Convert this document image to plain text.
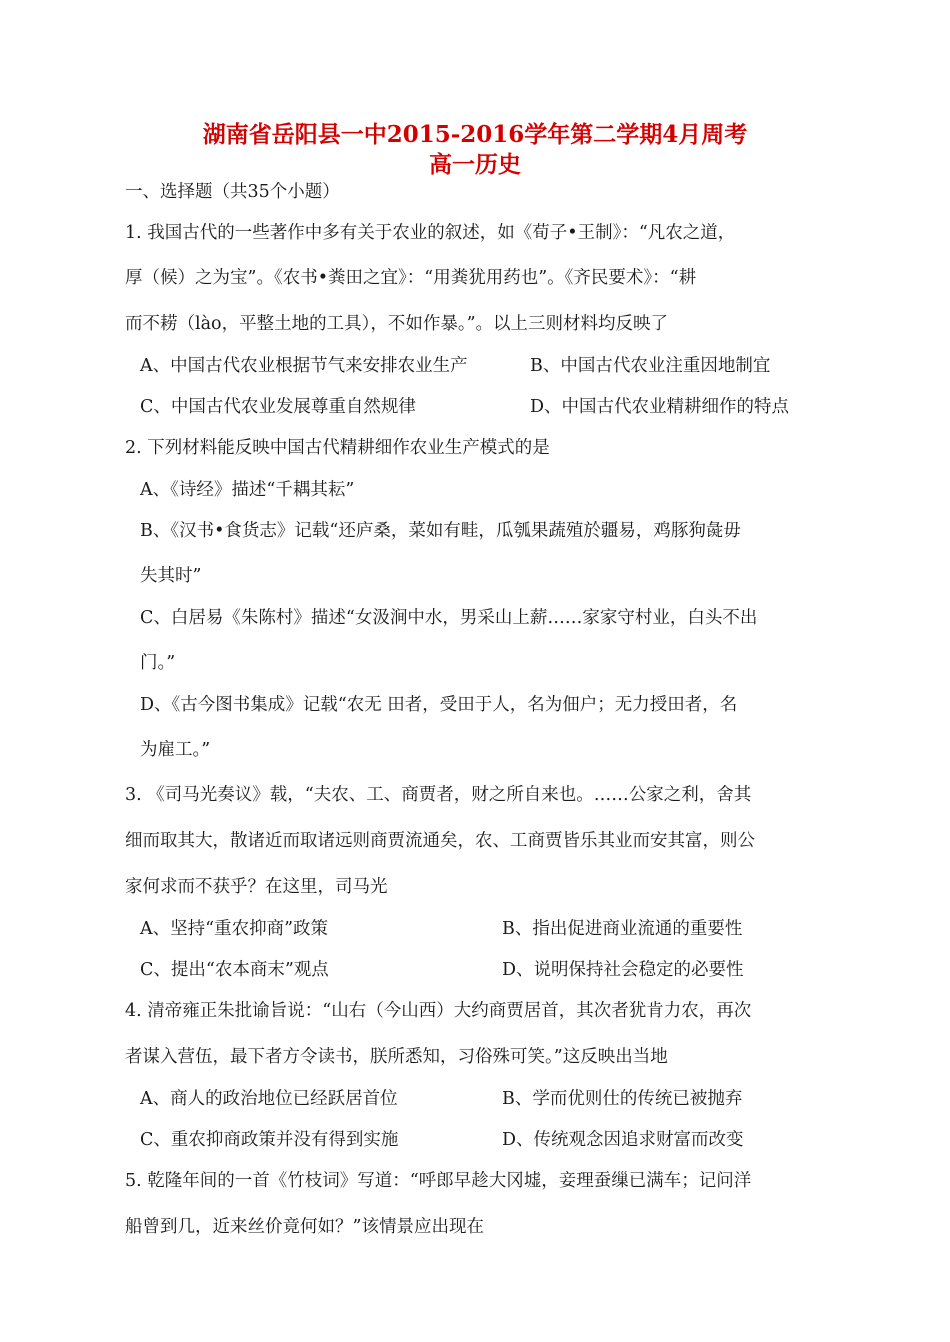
湖南省岳阳县一中2015-2016学年第二学期4月周考
高一历史
一、选择题（共35个小题）
1. 我国古代的一些著作中多有关于农业的叙述，如《荀子•王制》：“凡农之道，
厚（候）之为宝”。《农书•粪田之宜》：“用粪犹用药也”。《齐民要术》：“耕
而不耢（lào，平整土地的工具），不如作暴。”。以上三则材料均反映了
A、中国古代农业根据节气来安排农业生产	B、中国古代农业注重因地制宜
C、中国古代农业发展尊重自然规律	D、中国古代农业精耕细作的特点
2. 下列材料能反映中国古代精耕细作农业生产模式的是
A、《诗经》描述“千耦其耘”
B、《汉书•食货志》记载“还庐桑，菜如有畦，瓜瓠果蔬殖於疆易，鸡豚狗彘毋
失其时”
C、白居易《朱陈村》描述“女汲涧中水，男采山上薪……家家守村业，白头不出
门。”
D、《古今图书集成》记载“农无 田者，受田于人，名为佃户；无力授田者，名
为雇工。”
3. 《司马光奏议》载，“夫农、工、商贾者，财之所自来也。……公家之利，舍其
细而取其大，散诸近而取诸远则商贾流通矣，农、工商贾皆乐其业而安其富，则公
家何求而不获乎？在这里，司马光
A、坚持“重农抑商”政策	B、指出促进商业流通的重要性
C、提出“农本商末”观点	D、说明保持社会稳定的必要性
4. 清帝雍正朱批谕旨说：“山右（今山西）大约商贾居首，其次者犹肯力农，再次
者谋入营伍，最下者方令读书，朕所悉知，习俗殊可笑。”这反映出当地
A、商人的政治地位已经跃居首位	B、学而优则仕的传统已被抛弃
C、重农抑商政策并没有得到实施	D、传统观念因追求财富而改变
5. 乾隆年间的一首《竹枝词》写道：“呼郎早趁大冈墟，妾理蚕缫已满车；记问洋
船曾到几，近来丝价竟何如？”该情景应出现在
